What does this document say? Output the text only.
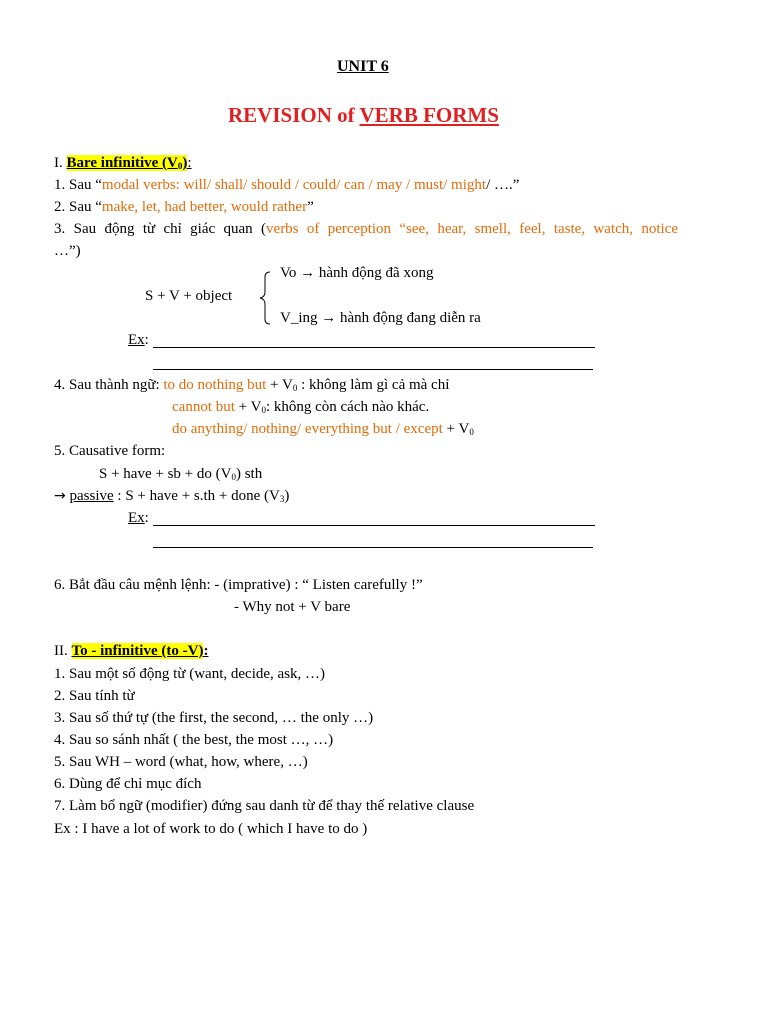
UNIT 6
REVISION of VERB FORMS
I. Bare infinitive $(V_0)$:
1. Sau “modal verbs: will/ shall/ should / could/ can / may / must/ might/ ….”
2. Sau “make, let, had better, would rather”
3. Sau động từ chỉ giác quan (verbs of perception “see, hear, smell, feel, taste, watch, notice
…”)
S + V + object
Vo → hành động đã xong
V_ing → hành động đang diễn ra
Ex:
4. Sau thành ngữ: to do nothing but + $V_0$ : không làm gì cả mà chỉ
cannot but + $V_0$: không còn cách nào khác.
do anything/ nothing/ everything but / except + $V_0$
5. Causative form:
S + have + sb + do $(V_0)$ sth
→ passive : S + have + s.th + done $(V_3)$
Ex:
6. Bắt đầu câu mệnh lệnh: - (imprative) : “ Listen carefully !”
- Why not + V bare
II. To - infinitive (to -V):
1. Sau một số động từ (want, decide, ask, …)
2. Sau tính từ
3. Sau số thứ tự (the first, the second, … the only …)
4. Sau so sánh nhất ( the best, the most …, …)
5. Sau WH – word (what, how, where, …)
6. Dùng để chỉ mục đích
7. Làm bổ ngữ (modifier) đứng sau danh từ để thay thế relative clause
Ex : I have a lot of work to do ( which I have to do )
